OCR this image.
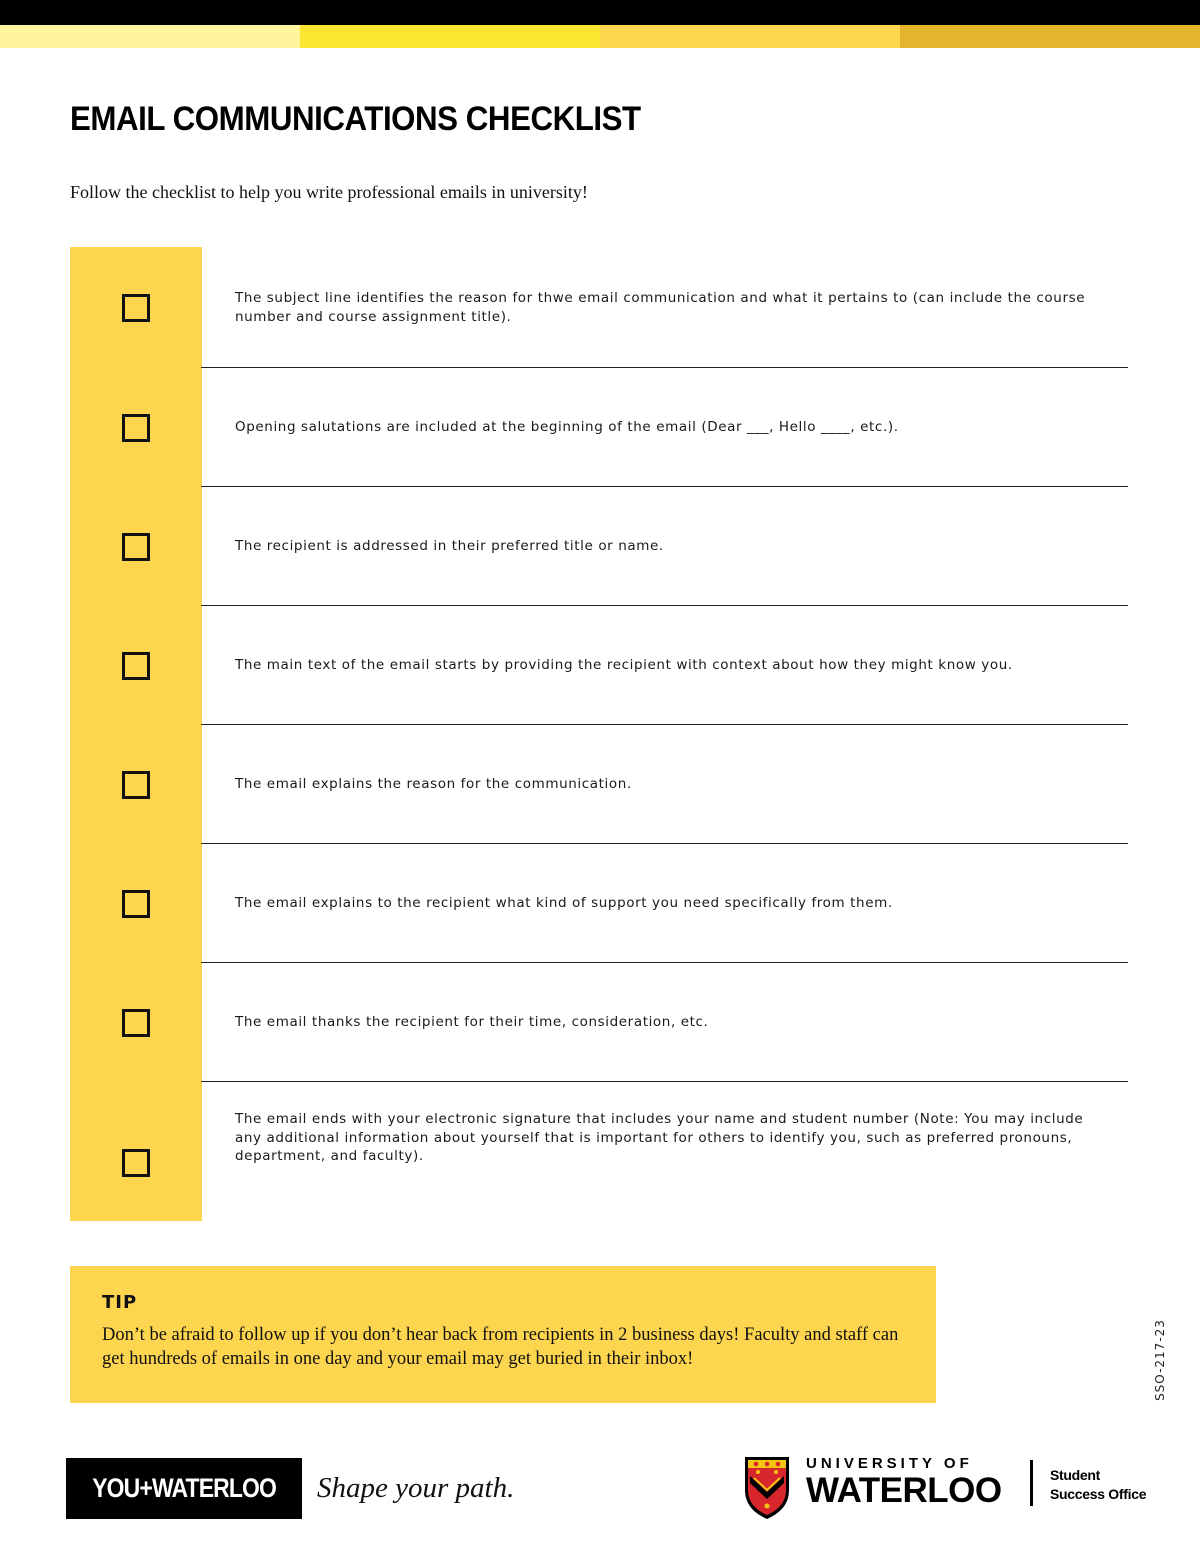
EMAIL COMMUNICATIONS CHECKLIST

Follow the checklist to help you write professional emails in university!

The subject line identifies the reason for thwe email communication and what it pertains to (can include the course number and course assignment title).
Opening salutations are included at the beginning of the email (Dear ___, Hello ____, etc.).
The recipient is addressed in their preferred title or name.
The main text of the email starts by providing the recipient with context about how they might know you.
The email explains the reason for the communication.
The email explains to the recipient what kind of support you need specifically from them.
The email thanks the recipient for their time, consideration, etc.
The email ends with your electronic signature that includes your name and student number (Note: You may include any additional information about yourself that is important for others to identify you, such as preferred pronouns, department, and faculty).
TIP

Don’t be afraid to follow up if you don’t hear back from recipients in 2 business days! Faculty and staff can get hundreds of emails in one day and your email may get buried in their inbox!	SSO-217-23
YOU+WATERLOO Shape your path.

UNIVERSITY OF
WATERLOO	Student
Success Office
